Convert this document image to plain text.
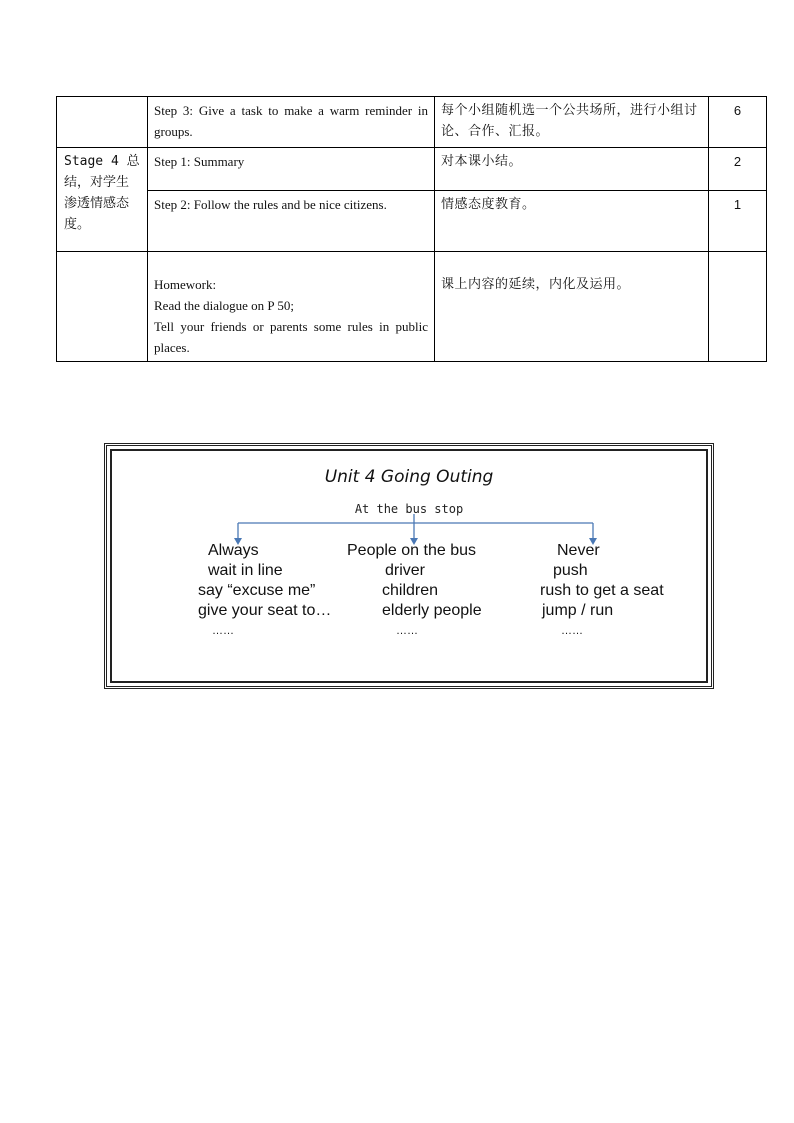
	Step 3: Give a task to make a warm reminder in groups.	每个小组随机选一个公共场所，进行小组讨论、合作、汇报。	6
Stage 4 总结，对学生渗透情感态度。	Step 1: Summary	对本课小结。	2
	Step 2: Follow the rules and be nice citizens.	情感态度教育。	1

	Homework:
Read the dialogue on P 50;
Tell your friends or parents some rules in public places.	课上内容的延续，内化及运用。	
Unit 4 Going Outing
At the bus stop
Always
wait in line
say “excuse me”
give your seat to…
……
People on the bus
driver
children
elderly people
……
Never
push
rush to get a seat
jump / run
……
